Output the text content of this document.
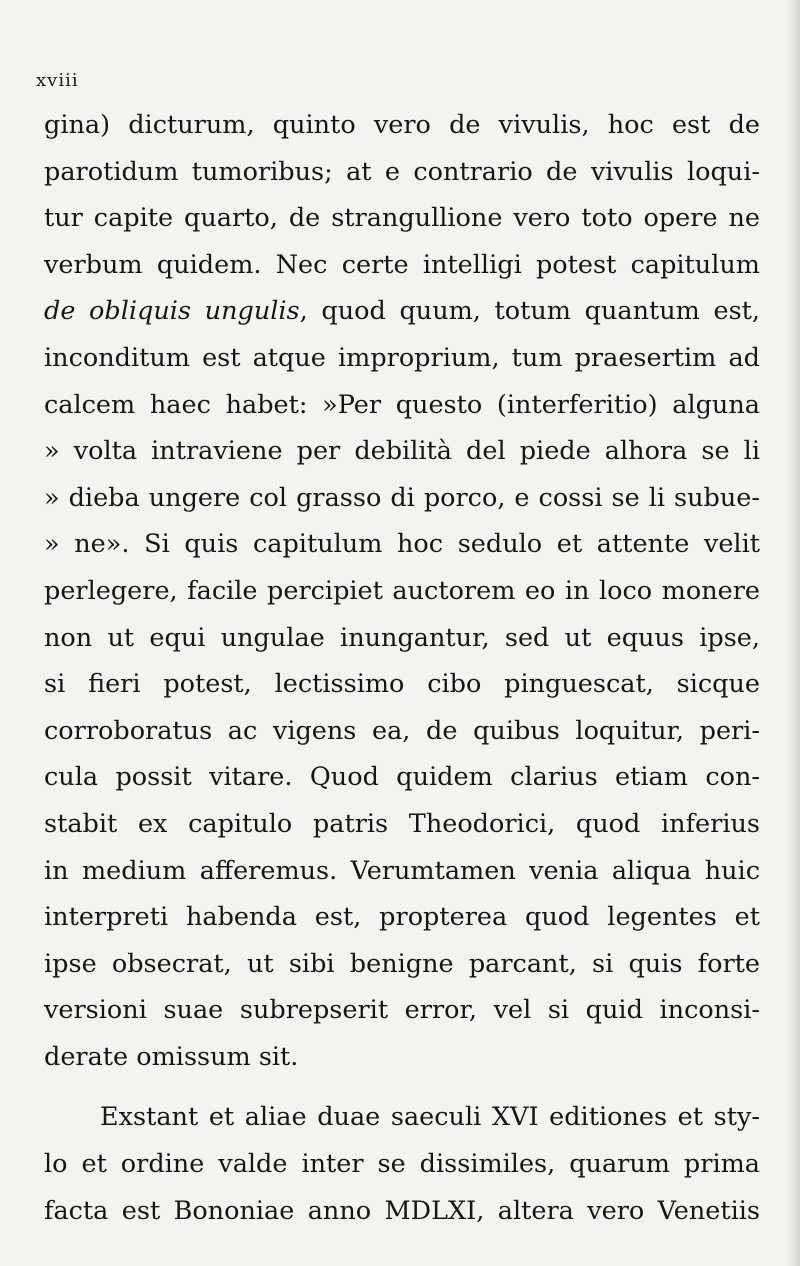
xviii
gina) dicturum, quinto vero de vivulis, hoc est de
parotidum tumoribus; at e contrario de vivulis loqui-
tur capite quarto, de strangullione vero toto opere ne
verbum quidem. Nec certe intelligi potest capitulum
de obliquis ungulis, quod quum, totum quantum est,
inconditum est atque improprium, tum praesertim ad
calcem haec habet: »Per questo (interferitio) alguna
» volta intraviene per debilità del piede alhora se li
» dieba ungere col grasso di porco, e cossi se li subue-
» ne». Si quis capitulum hoc sedulo et attente velit
perlegere, facile percipiet auctorem eo in loco monere
non ut equi ungulae inungantur, sed ut equus ipse,
si fieri potest, lectissimo cibo pinguescat, sicque
corroboratus ac vigens ea, de quibus loquitur, peri-
cula possit vitare. Quod quidem clarius etiam con-
stabit ex capitulo patris Theodorici, quod inferius
in medium afferemus. Verumtamen venia aliqua huic
interpreti habenda est, propterea quod legentes et
ipse obsecrat, ut sibi benigne parcant, si quis forte
versioni suae subrepserit error, vel si quid inconsi-
derate omissum sit.
Exstant et aliae duae saeculi XVI editiones et sty-
lo et ordine valde inter se dissimiles, quarum prima
facta est Bononiae anno MDLXI, altera vero Venetiis
